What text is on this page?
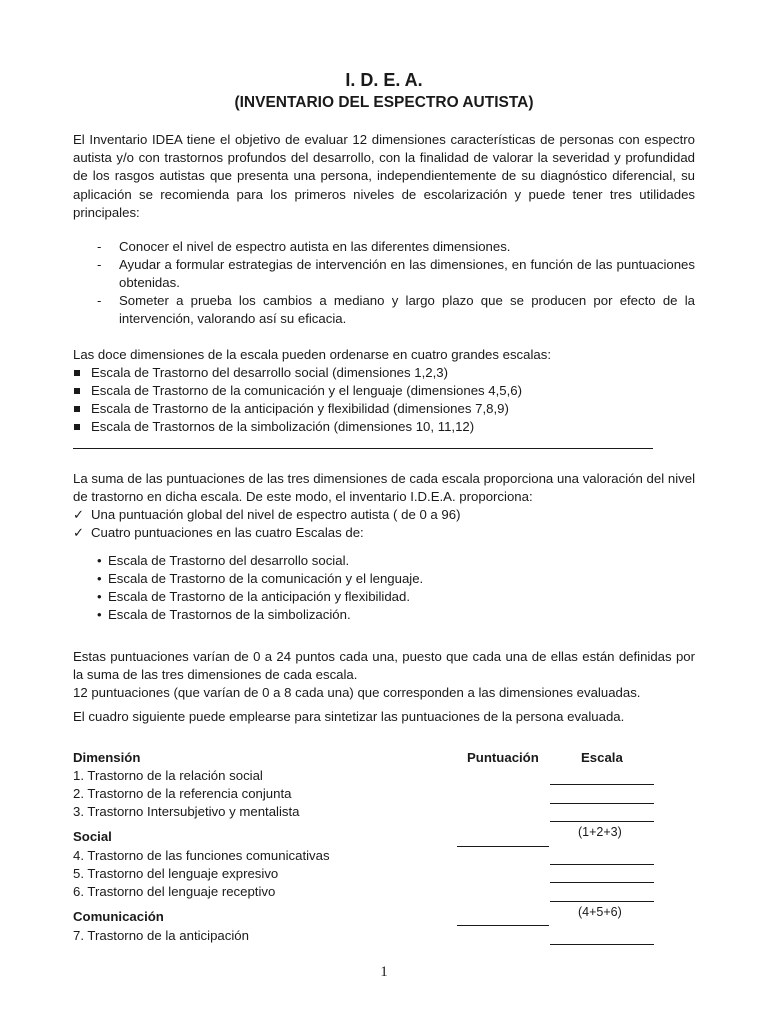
I. D. E. A.
(INVENTARIO DEL ESPECTRO AUTISTA)
El Inventario IDEA tiene el objetivo de evaluar 12 dimensiones características de personas con espectro autista y/o con trastornos profundos del desarrollo, con la finalidad de valorar la severidad y profundidad de los rasgos autistas que presenta una persona, independientemente de su diagnóstico diferencial, su aplicación se recomienda para los primeros niveles de escolarización y puede tener tres utilidades principales:
- Conocer el nivel de espectro autista en las diferentes dimensiones.
- Ayudar a formular estrategias de intervención en las dimensiones, en función de las puntuaciones obtenidas.
- Someter a prueba los cambios a mediano y largo plazo que se producen por efecto de la intervención, valorando así su eficacia.
Las doce dimensiones de la escala pueden ordenarse en cuatro grandes escalas:
Escala de Trastorno del desarrollo social (dimensiones 1,2,3)
Escala de Trastorno de la comunicación y el lenguaje (dimensiones 4,5,6)
Escala de Trastorno de la anticipación y flexibilidad (dimensiones 7,8,9)
Escala de Trastornos de la simbolización (dimensiones 10, 11,12)
La suma de las puntuaciones de las tres dimensiones de cada escala proporciona una valoración del nivel de trastorno en dicha escala. De este modo, el inventario I.D.E.A. proporciona:
✓ Una puntuación global del nivel de espectro autista ( de 0 a 96)
✓ Cuatro puntuaciones en las cuatro Escalas de:
• Escala de Trastorno del desarrollo social.
• Escala de Trastorno de la comunicación y el lenguaje.
• Escala de Trastorno de la anticipación y flexibilidad.
• Escala de Trastornos de la simbolización.
Estas puntuaciones varían de 0 a 24 puntos cada una, puesto que cada una de ellas están definidas por la suma de las tres dimensiones de cada escala.
12 puntuaciones (que varían de 0 a 8 cada una) que corresponden a las dimensiones evaluadas.
El cuadro siguiente puede emplearse para sintetizar las puntuaciones de la persona evaluada.
Dimensión	Puntuación	Escala
1. Trastorno de la relación social
2. Trastorno de la referencia conjunta
3. Trastorno Intersubjetivo y mentalista
(1+2+3)
Social
4. Trastorno de las funciones comunicativas
5. Trastorno del lenguaje expresivo
6. Trastorno del lenguaje receptivo
(4+5+6)
Comunicación
7. Trastorno de la anticipación
1
